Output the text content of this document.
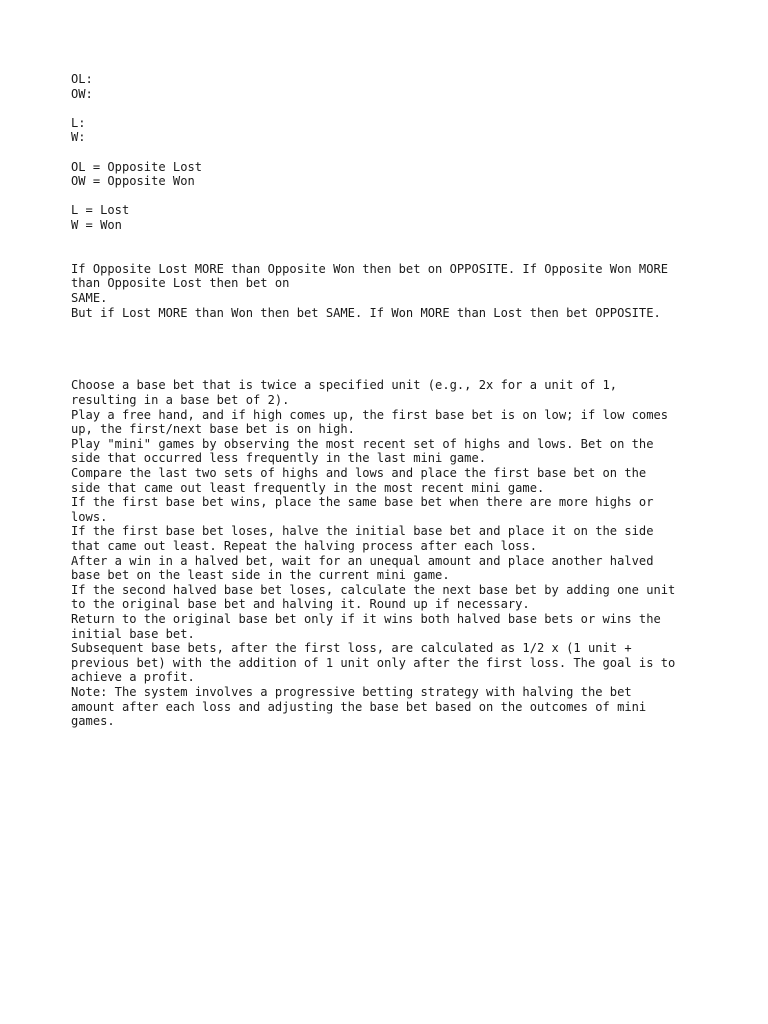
OL:
OW:
L:
W:
OL = Opposite Lost
OW = Opposite Won
L = Lost
W = Won
If Opposite Lost MORE than Opposite Won then bet on OPPOSITE. If Opposite Won MORE
than Opposite Lost then bet on
SAME.
But if Lost MORE than Won then bet SAME. If Won MORE than Lost then bet OPPOSITE.
Choose a base bet that is twice a specified unit (e.g., 2x for a unit of 1,
resulting in a base bet of 2).
Play a free hand, and if high comes up, the first base bet is on low; if low comes
up, the first/next base bet is on high.
Play "mini" games by observing the most recent set of highs and lows. Bet on the
side that occurred less frequently in the last mini game.
Compare the last two sets of highs and lows and place the first base bet on the
side that came out least frequently in the most recent mini game.
If the first base bet wins, place the same base bet when there are more highs or
lows.
If the first base bet loses, halve the initial base bet and place it on the side
that came out least. Repeat the halving process after each loss.
After a win in a halved bet, wait for an unequal amount and place another halved
base bet on the least side in the current mini game.
If the second halved base bet loses, calculate the next base bet by adding one unit
to the original base bet and halving it. Round up if necessary.
Return to the original base bet only if it wins both halved base bets or wins the
initial base bet.
Subsequent base bets, after the first loss, are calculated as 1/2 x (1 unit +
previous bet) with the addition of 1 unit only after the first loss. The goal is to
achieve a profit.
Note: The system involves a progressive betting strategy with halving the bet
amount after each loss and adjusting the base bet based on the outcomes of mini
games.
